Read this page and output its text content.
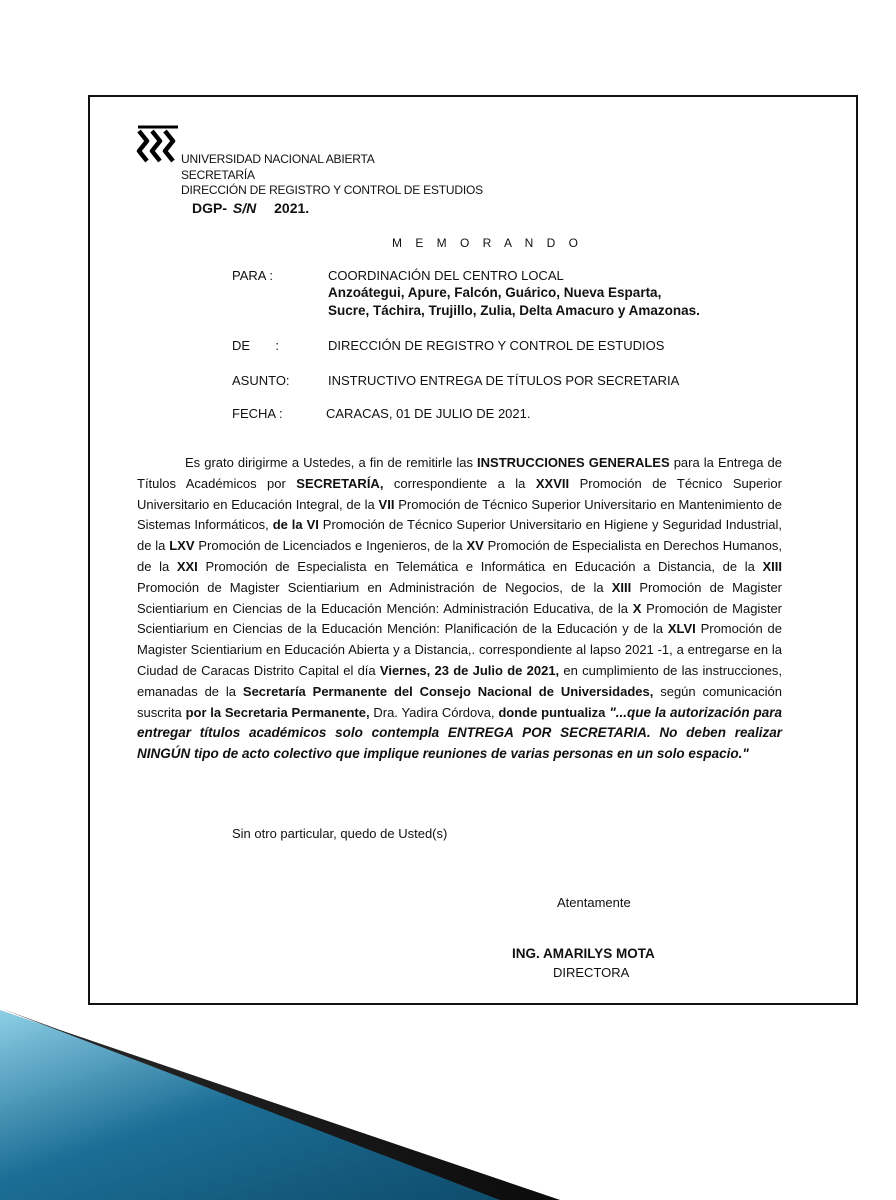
UNIVERSIDAD NACIONAL ABIERTA
SECRETARÍA
DIRECCIÓN DE REGISTRO Y CONTROL DE ESTUDIOS
DGP- S/N 2021.
M E M O R A N D O
PARA :	COORDINACIÓN DEL CENTRO LOCAL
Anzoátegui, Apure, Falcón, Guárico, Nueva Esparta,
Sucre, Táchira, Trujillo, Zulia, Delta Amacuro y Amazonas.
DE       :	DIRECCIÓN DE REGISTRO Y CONTROL DE ESTUDIOS
ASUNTO:	INSTRUCTIVO ENTREGA DE TÍTULOS POR SECRETARIA
FECHA :	CARACAS, 01 DE JULIO DE 2021.
Es grato dirigirme a Ustedes, a fin de remitirle las INSTRUCCIONES GENERALES para la Entrega de Títulos Académicos por SECRETARÍA, correspondiente a la XXVII Promoción de Técnico Superior Universitario en Educación Integral, de la VII Promoción de Técnico Superior Universitario en Mantenimiento de Sistemas Informáticos, de la VI Promoción de Técnico Superior Universitario en Higiene y Seguridad Industrial, de la LXV Promoción de Licenciados e Ingenieros, de la XV Promoción de Especialista en Derechos Humanos, de la XXI Promoción de Especialista en Telemática e Informática en Educación a Distancia, de la XIII Promoción de Magister Scientiarium en Administración de Negocios, de la XIII Promoción de Magister Scientiarium en Ciencias de la Educación Mención: Administración Educativa, de la X Promoción de Magister Scientiarium en Ciencias de la Educación Mención: Planificación de la Educación y de la XLVI Promoción de Magister Scientiarium en Educación Abierta y a Distancia,. correspondiente al lapso 2021 -1, a entregarse en la Ciudad de Caracas Distrito Capital el día Viernes, 23 de Julio de 2021, en cumplimiento de las instrucciones, emanadas de la Secretaría Permanente del Consejo Nacional de Universidades, según comunicación suscrita por la Secretaria Permanente, Dra. Yadira Córdova, donde puntualiza "...que la autorización para entregar títulos académicos solo contempla ENTREGA POR SECRETARIA. No deben realizar NINGÚN tipo de acto colectivo que implique reuniones de varias personas en un solo espacio."
Sin otro particular, quedo de Usted(s)
Atentamente
ING. AMARILYS MOTA
DIRECTORA
